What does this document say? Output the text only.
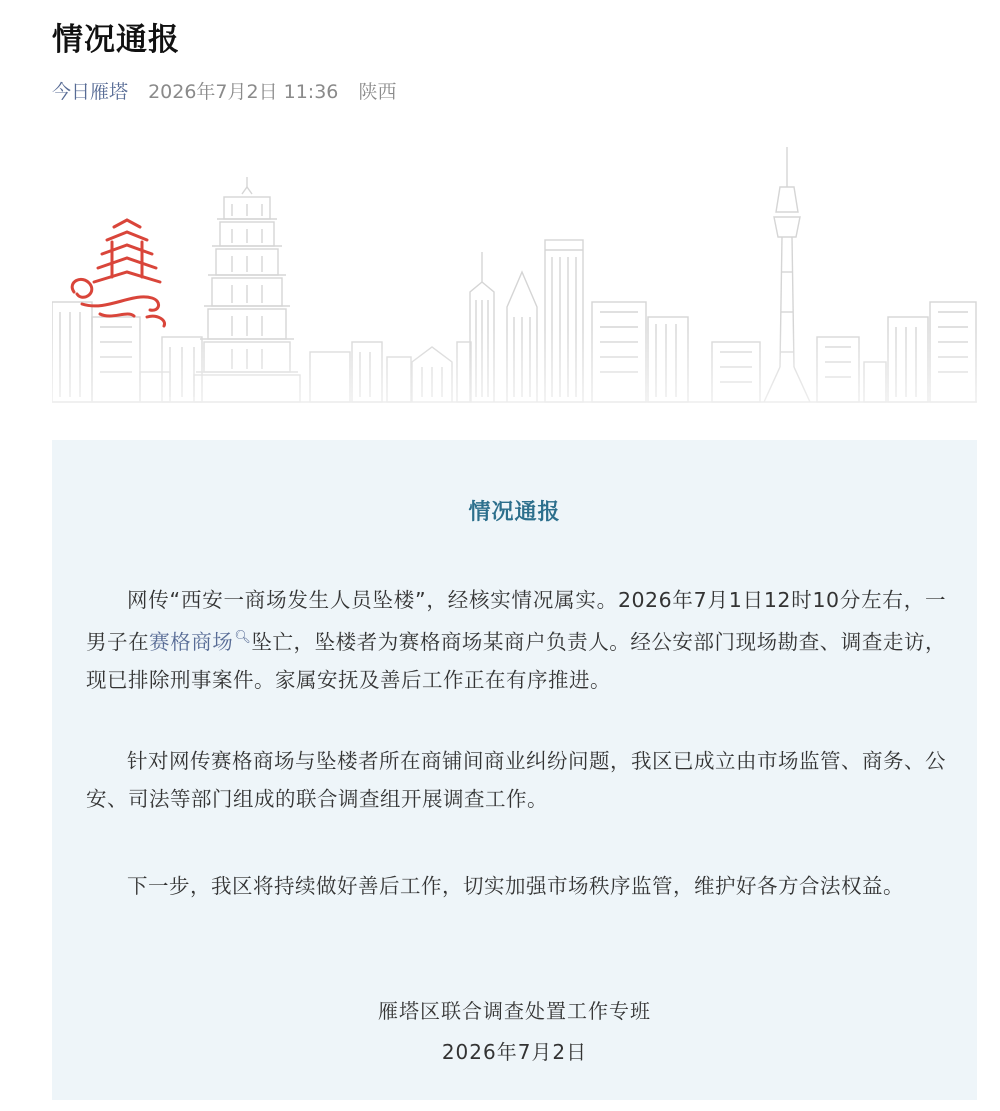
情况通报
今日雁塔 2026年7月2日 11:36 陕西
情况通报

网传“西安一商场发生人员坠楼”，经核实情况属实。2026年7月1日12时10分左右，一男子在赛格商场🔍︎坠亡，坠楼者为赛格商场某商户负责人。经公安部门现场勘查、调查走访，现已排除刑事案件。家属安抚及善后工作正在有序推进。

针对网传赛格商场与坠楼者所在商铺间商业纠纷问题，我区已成立由市场监管、商务、公安、司法等部门组成的联合调查组开展调查工作。

下一步，我区将持续做好善后工作，切实加强市场秩序监管，维护好各方合法权益。

雁塔区联合调查处置工作专班
2026年7月2日
